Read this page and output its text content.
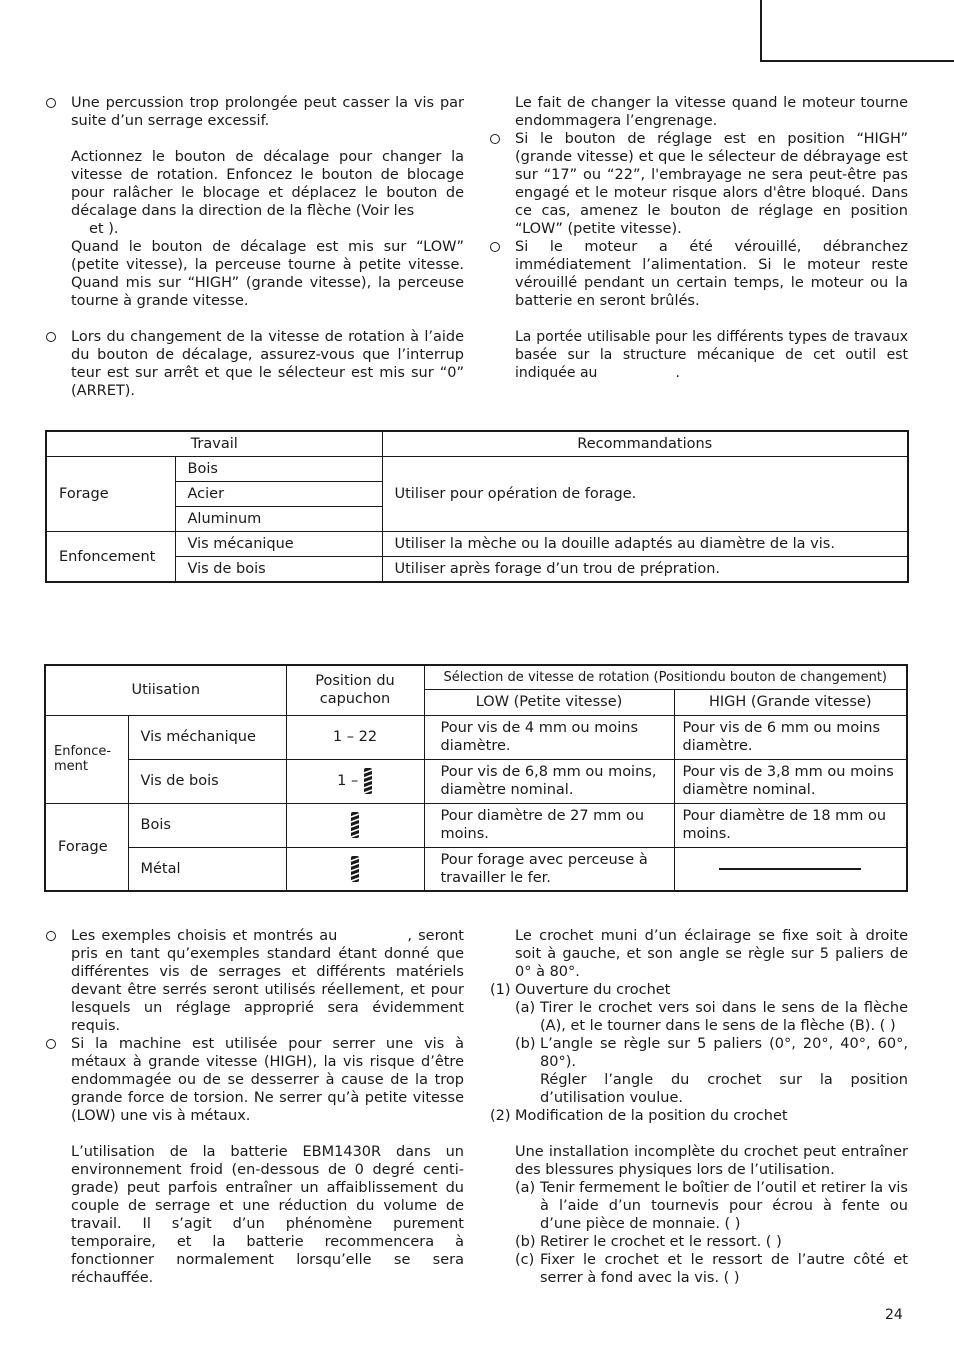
Une percussion trop prolongée peut casser la vis par suite d’un serrage excessif.

Actionnez le bouton de décalage pour changer la vitesse de rotation. Enfoncez le bouton de blocage pour ralâcher le blocage et déplacez le bouton de décalage dans la direction de la flèche (Voir les

et ).

Quand le bouton de décalage est mis sur “LOW” (petite vitesse), la perceuse tourne à petite vitesse. Quand mis sur “HIGH” (grande vitesse), la perceuse tourne à grande vitesse.

Lors du changement de la vitesse de rotation à l’aide du bouton de décalage, assurez-vous que l’interrup teur est sur arrêt et que le sélecteur est mis sur “0” (ARRET).

Le fait de changer la vitesse quand le moteur tourne endommagera l’engrenage.

Si le bouton de réglage est en position “HIGH” (grande vitesse) et que le sélecteur de débrayage est sur “17” ou “22”, l'embrayage ne sera peut-être pas engagé et le moteur risque alors d'être bloqué. Dans ce cas, amenez le bouton de réglage en position “LOW” (petite vitesse).

Si le moteur a été vérouillé, débranchez immédiatement l’alimentation. Si le moteur reste vérouillé pendant un certain temps, le moteur ou la batterie en seront brûlés.

La portée utilisable pour les différents types de travaux basée sur la structure mécanique de cet outil est indiquée au	.

Travail		Recommandations
Forage	Bois	Utiliser pour opération de forage.
	Acier	
	Aluminum	
Enfoncement	Vis mécanique	Utiliser la mèche ou la douille adaptés au diamètre de la vis.
	Vis de bois	Utiliser après forage d’un trou de prépration.
Utiisation		Position du capuchon	Sélection de vitesse de rotation (Positiondu bouton de changement)	
			LOW (Petite vitesse)	HIGH (Grande vitesse)
Enfonce- ment	Vis méchanique	1 – 22	Pour vis de 4 mm ou moins diamètre.	Pour vis de 6 mm ou moins diamètre.
	Vis de bois	1 –	Pour vis de 6,8 mm ou moins, diamètre nominal.	Pour vis de 3,8 mm ou moins diamètre nominal.
Forage	Bois		Pour diamètre de 27 mm ou moins.	Pour diamètre de 18 mm ou moins.
	Métal		Pour forage avec perceuse à travailler le fer.	

Les exemples choisis et montrés au	, seront pris en tant qu’exemples standard étant donné que différentes vis de serrages et différents matériels devant être serrés seront utilisés réellement, et pour lesquels un réglage approprié sera évidemment requis.

Si la machine est utilisée pour serrer une vis à métaux à grande vitesse (HIGH), la vis risque d’être endommagée ou de se desserrer à cause de la trop grande force de torsion. Ne serrer qu’à petite vitesse (LOW) une vis à métaux.

L’utilisation de la batterie EBM1430R dans un environnement froid (en-dessous de 0 degré centi-grade) peut parfois entraîner un affaiblissement du couple de serrage et une réduction du volume de travail. Il s’agit d’un phénomène purement temporaire, et la batterie recommencera à fonctionner normalement lorsqu’elle se sera réchauffée.

Le crochet muni d’un éclairage se fixe soit à droite soit à gauche, et son angle se règle sur 5 paliers de 0° à 80°.

(1) Ouverture du crochet

(a) Tirer le crochet vers soi dans le sens de la flèche (A), et le tourner dans le sens de la flèche (B). ( )

(b) L’angle se règle sur 5 paliers (0°, 20°, 40°, 60°, 80°).

Régler l’angle du crochet sur la position d’utilisation voulue.

(2) Modification de la position du crochet

Une installation incomplète du crochet peut entraîner des blessures physiques lors de l’utilisation.

(a) Tenir fermement le boîtier de l’outil et retirer la vis à l’aide d’un tournevis pour écrou à fente ou d’une pièce de monnaie. ( )

(b) Retirer le crochet et le ressort. ( )

(c) Fixer le crochet et le ressort de l’autre côté et serrer à fond avec la vis. ( )

24
